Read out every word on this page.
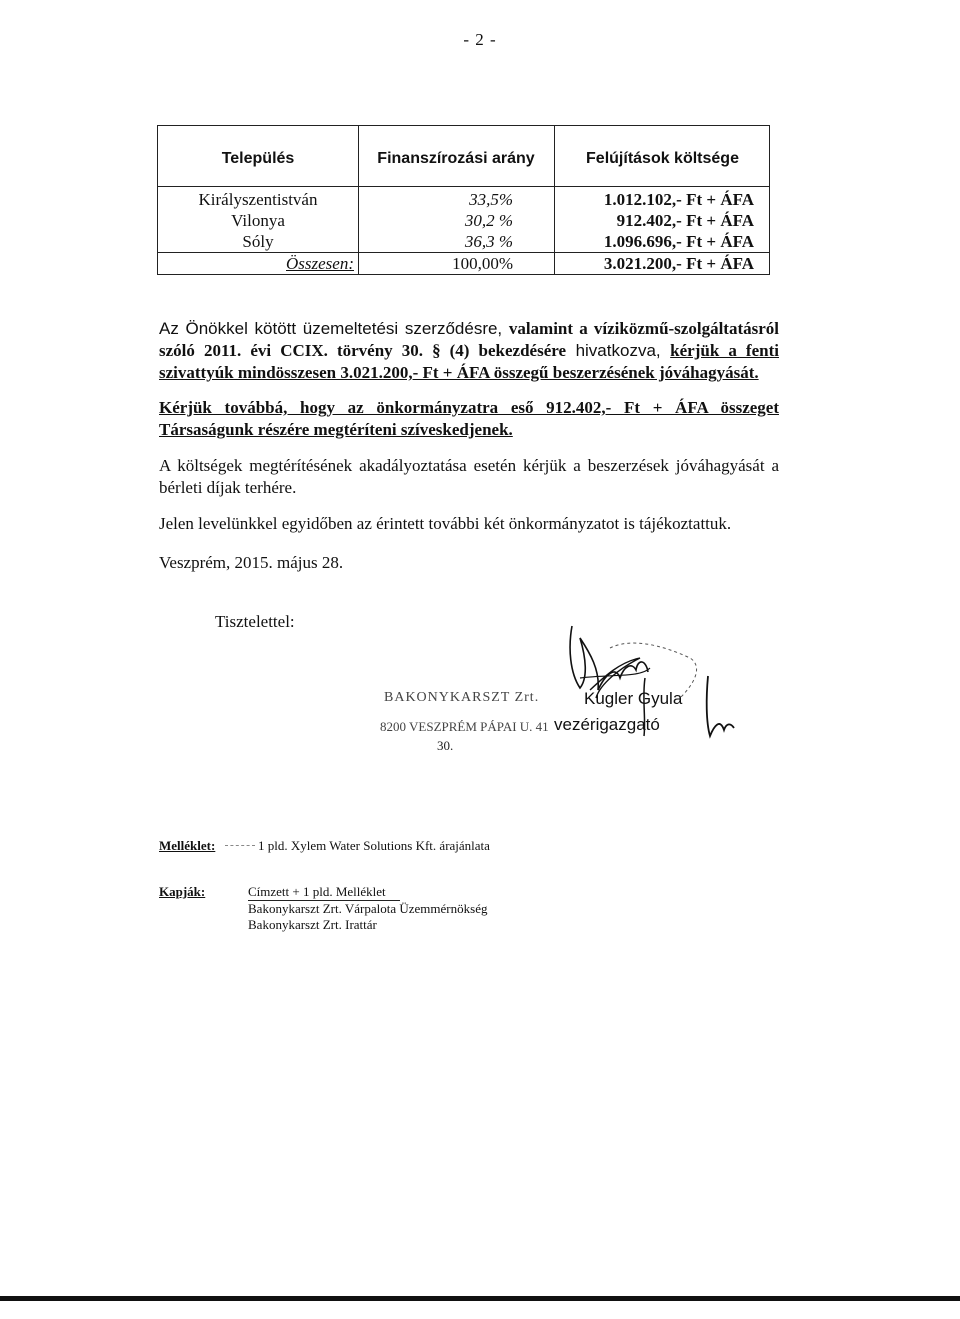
- 2 -
Település	Finanszírozási arány	Felújítások költsége
Királyszentistván	33,5%	1.012.102,- Ft + ÁFA
Vilonya	30,2 %	912.402,- Ft + ÁFA
Sóly	36,3 %	1.096.696,- Ft + ÁFA
Összesen:	100,00%	3.021.200,- Ft + ÁFA

Az Önökkel kötött üzemeltetési szerződésre, valamint a víziközmű-szolgáltatásról szóló 2011. évi CCIX. törvény 30. § (4) bekezdésére hivatkozva, kérjük a fenti szivattyúk mindösszesen 3.021.200,- Ft + ÁFA összegű beszerzésének jóváhagyását.

Kérjük továbbá, hogy az önkormányzatra eső 912.402,- Ft + ÁFA összeget Társaságunk részére megtéríteni szíveskedjenek.
A költségek megtérítésének akadályoztatása esetén kérjük a beszerzések jóváhagyását a bérleti díjak terhére.
Jelen levelünkkel egyidőben az érintett további két önkormányzatot is tájékoztattuk.
Veszprém, 2015. május 28.
Tisztelettel:
BAKONYKARSZT Zrt.
8200 VESZPRÉM PÁPAI U. 41
30.
Kugler Gyula
vezérigazgató
Melléklet:	1 pld. Xylem Water Solutions Kft. árajánlata
Kapják:	Címzett + 1 pld. Melléklet
Bakonykarszt Zrt. Várpalota Üzemmérnökség
Bakonykarszt Zrt. Irattár
